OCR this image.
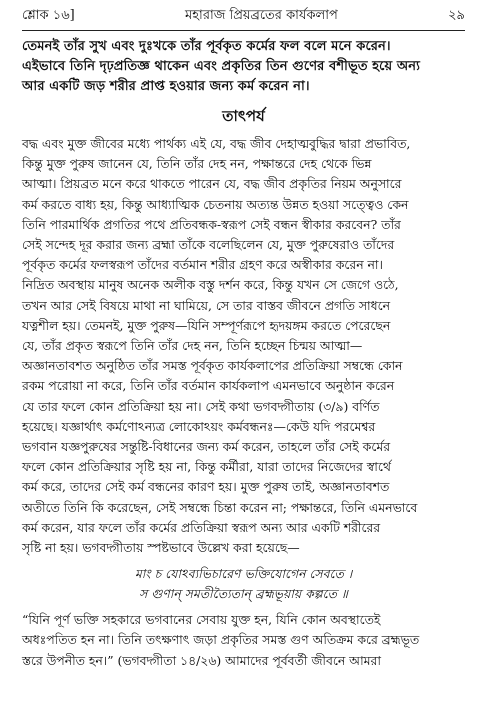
শ্লোক ১৬]	মহারাজ প্রিয়ব্রতের কার্যকলাপ	২৯

তেমনই তাঁর সুখ এবং দুঃখকে তাঁর পূর্বকৃত কর্মের ফল বলে মনে করেন।

এইভাবে তিনি দৃঢ়প্রতিজ্ঞ থাকেন এবং প্রকৃতির তিন গুণের বশীভূত হয়ে অন্য

আর একটি জড় শরীর প্রাপ্ত হওয়ার জন্য কর্ম করেন না।

তাৎপর্য

বদ্ধ এবং মুক্ত জীবের মধ্যে পার্থক্য এই যে, বদ্ধ জীব দেহাত্মবুদ্ধির দ্বারা প্রভাবিত,

কিন্তু মুক্ত পুরুষ জানেন যে, তিনি তাঁর দেহ নন, পক্ষান্তরে দেহ থেকে ভিন্ন

আত্মা। প্রিয়ব্রত মনে করে থাকতে পারেন যে, বদ্ধ জীব প্রকৃতির নিয়ম অনুসারে

কর্ম করতে বাধ্য হয়, কিন্তু আধ্যাত্মিক চেতনায় অত্যন্ত উন্নত হওয়া সত্ত্বেও কেন

তিনি পারমার্থিক প্রগতির পথে প্রতিবন্ধক-স্বরূপ সেই বন্ধন স্বীকার করবেন? তাঁর

সেই সন্দেহ দূর করার জন্য ব্রহ্মা তাঁকে বলেছিলেন যে, মুক্ত পুরুষেরাও তাঁদের

পূর্বকৃত কর্মের ফলস্বরূপ তাঁদের বর্তমান শরীর গ্রহণ করে অস্বীকার করেন না।

নিদ্রিত অবস্থায় মানুষ অনেক অলীক বস্তু দর্শন করে, কিন্তু যখন সে জেগে ওঠে,

তখন আর সেই বিষয়ে মাথা না ঘামিয়ে, সে তার বাস্তব জীবনে প্রগতি সাধনে

যত্নশীল হয়। তেমনই, মুক্ত পুরুষ—যিনি সম্পূর্ণরূপে হৃদয়ঙ্গম করতে পেরেছেন

যে, তাঁর প্রকৃত স্বরূপে তিনি তাঁর দেহ নন, তিনি হচ্ছেন চিন্ময় আত্মা—

অজ্ঞানতাবশত অনুষ্ঠিত তাঁর সমস্ত পূর্বকৃত কার্যকলাপের প্রতিক্রিয়া সম্বন্ধে কোন

রকম পরোয়া না করে, তিনি তাঁর বর্তমান কার্যকলাপ এমনভাবে অনুষ্ঠান করেন

যে তার ফলে কোন প্রতিক্রিয়া হয় না। সেই কথা ভগবদ্গীতায় (৩/৯) বর্ণিত

হয়েছে। যজ্ঞার্থাৎ কর্মণোঽন্যত্র লোকোঽয়ং কর্মবন্ধনঃ—কেউ যদি পরমেশ্বর

ভগবান যজ্ঞপুরুষের সন্তুষ্টি-বিধানের জন্য কর্ম করেন, তাহলে তাঁর সেই কর্মের

ফলে কোন প্রতিক্রিয়ার সৃষ্টি হয় না, কিন্তু কর্মীরা, যারা তাদের নিজেদের স্বার্থে

কর্ম করে, তাদের সেই কর্ম বন্ধনের কারণ হয়। মুক্ত পুরুষ তাই, অজ্ঞানতাবশত

অতীতে তিনি কি করেছেন, সেই সম্বন্ধে চিন্তা করেন না; পক্ষান্তরে, তিনি এমনভাবে

কর্ম করেন, যার ফলে তাঁর কর্মের প্রতিক্রিয়া স্বরূপ অন্য আর একটি শরীরের

সৃষ্টি না হয়। ভগবদ্গীতায় স্পষ্টভাবে উল্লেখ করা হয়েছে—

মাং চ যোঽব্যভিচারেণ ভক্তিযোগেন সেবতে ।

স গুণান্ সমতীত্যৈতান্ ব্রহ্মভূয়ায় কল্পতে ॥

“যিনি পূর্ণ ভক্তি সহকারে ভগবানের সেবায় যুক্ত হন, যিনি কোন অবস্থাতেই

অধঃপতিত হন না। তিনি তৎক্ষণাৎ জড়া প্রকৃতির সমস্ত গুণ অতিক্রম করে ব্রহ্মভূত

স্তরে উপনীত হন।” (ভগবদ্গীতা ১৪/২৬) আমাদের পূর্ববর্তী জীবনে আমরা
